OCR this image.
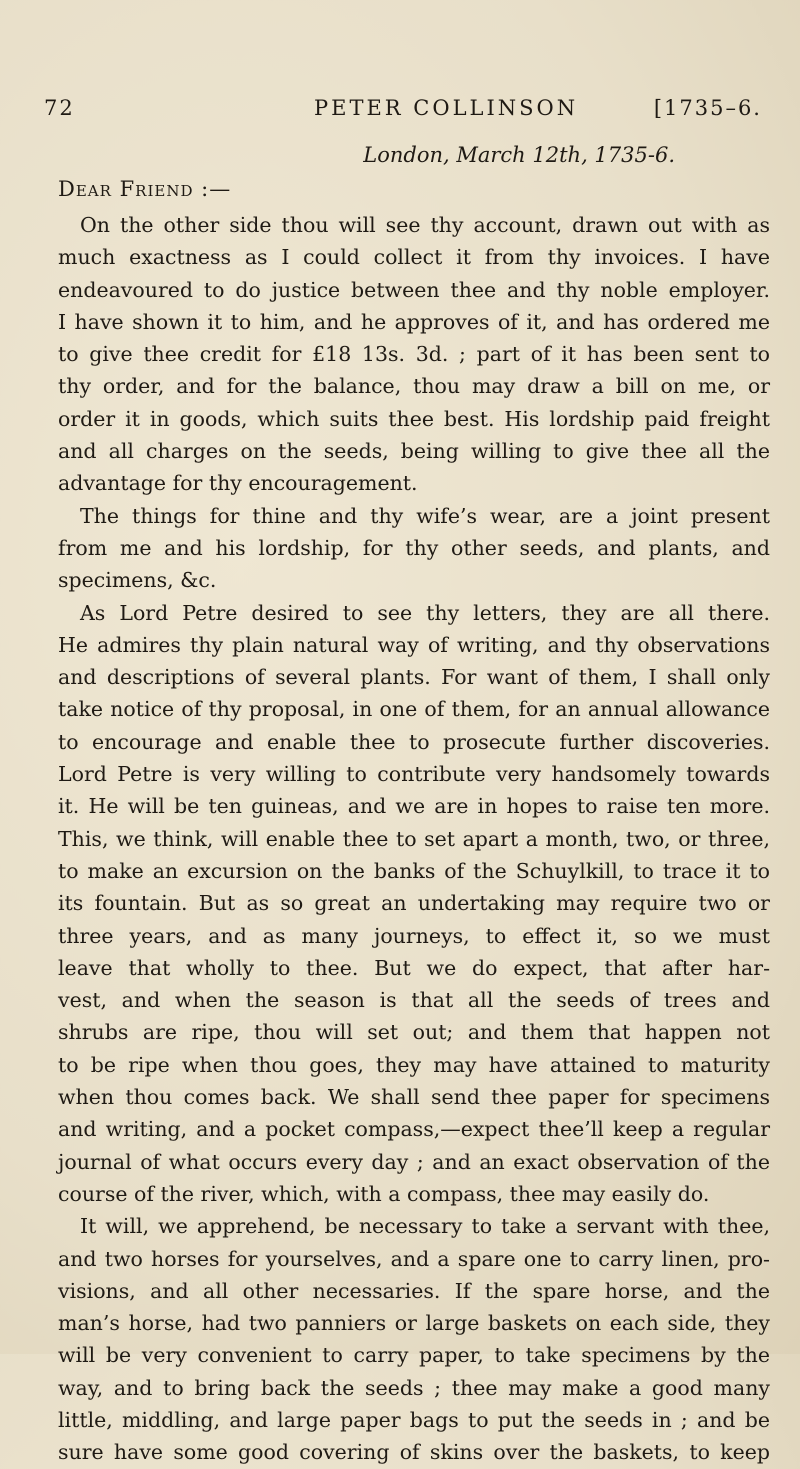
72	PETER COLLINSON	[1735–6.
London, March 12th, 1735-6.
Dear Friend :—
On the other side thou will see thy account, drawn out with as
much exactness as I could collect it from thy invoices. I have
endeavoured to do justice between thee and thy noble employer.
I have shown it to him, and he approves of it, and has ordered me
to give thee credit for £18 13s. 3d. ; part of it has been sent to
thy order, and for the balance, thou may draw a bill on me, or
order it in goods, which suits thee best. His lordship paid freight
and all charges on the seeds, being willing to give thee all the
advantage for thy encouragement.
The things for thine and thy wife’s wear, are a joint present
from me and his lordship, for thy other seeds, and plants, and
specimens, &c.
As Lord Petre desired to see thy letters, they are all there.
He admires thy plain natural way of writing, and thy observations
and descriptions of several plants. For want of them, I shall only
take notice of thy proposal, in one of them, for an annual allowance
to encourage and enable thee to prosecute further discoveries.
Lord Petre is very willing to contribute very handsomely towards
it. He will be ten guineas, and we are in hopes to raise ten more.
This, we think, will enable thee to set apart a month, two, or three,
to make an excursion on the banks of the Schuylkill, to trace it to
its fountain. But as so great an undertaking may require two or
three years, and as many journeys, to effect it, so we must
leave that wholly to thee. But we do expect, that after har-
vest, and when the season is that all the seeds of trees and
shrubs are ripe, thou will set out; and them that happen not
to be ripe when thou goes, they may have attained to maturity
when thou comes back. We shall send thee paper for specimens
and writing, and a pocket compass,—expect thee’ll keep a regular
journal of what occurs every day ; and an exact observation of the
course of the river, which, with a compass, thee may easily do.
It will, we apprehend, be necessary to take a servant with thee,
and two horses for yourselves, and a spare one to carry linen, pro-
visions, and all other necessaries. If the spare horse, and the
man’s horse, had two panniers or large baskets on each side, they
will be very convenient to carry paper, to take specimens by the
way, and to bring back the seeds ; thee may make a good many
little, middling, and large paper bags to put the seeds in ; and be
sure have some good covering of skins over the baskets, to keep
